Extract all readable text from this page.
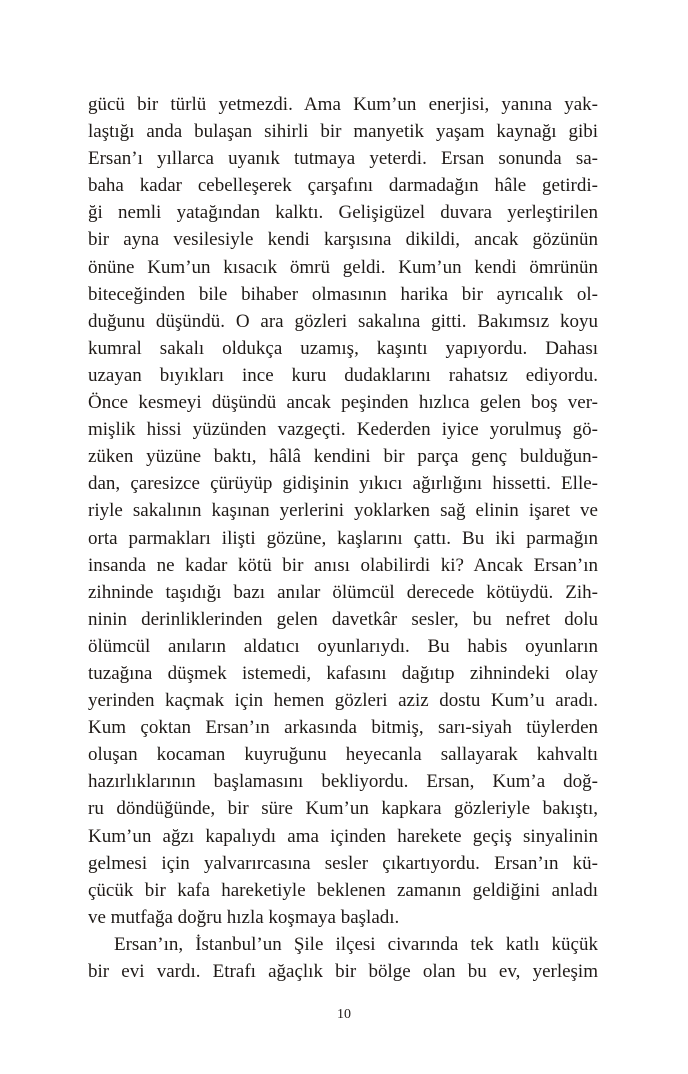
gücü bir türlü yetmezdi. Ama Kum’un enerjisi, yanına yak-
laştığı anda bulaşan sihirli bir manyetik yaşam kaynağı gibi
Ersan’ı yıllarca uyanık tutmaya yeterdi. Ersan sonunda sa-
baha kadar cebelleşerek çarşafını darmadağın hâle getirdi-
ği nemli yatağından kalktı. Gelişigüzel duvara yerleştirilen
bir ayna vesilesiyle kendi karşısına dikildi, ancak gözünün
önüne Kum’un kısacık ömrü geldi. Kum’un kendi ömrünün
biteceğinden bile bihaber olmasının harika bir ayrıcalık ol-
duğunu düşündü. O ara gözleri sakalına gitti. Bakımsız koyu
kumral sakalı oldukça uzamış, kaşıntı yapıyordu. Dahası
uzayan bıyıkları ince kuru dudaklarını rahatsız ediyordu.
Önce kesmeyi düşündü ancak peşinden hızlıca gelen boş ver-
mişlik hissi yüzünden vazgeçti. Kederden iyice yorulmuş gö-
züken yüzüne baktı, hâlâ kendini bir parça genç bulduğun-
dan, çaresizce çürüyüp gidişinin yıkıcı ağırlığını hissetti. Elle-
riyle sakalının kaşınan yerlerini yoklarken sağ elinin işaret ve
orta parmakları ilişti gözüne, kaşlarını çattı. Bu iki parmağın
insanda ne kadar kötü bir anısı olabilirdi ki? Ancak Ersan’ın
zihninde taşıdığı bazı anılar ölümcül derecede kötüydü. Zih-
ninin derinliklerinden gelen davetkâr sesler, bu nefret dolu
ölümcül anıların aldatıcı oyunlarıydı. Bu habis oyunların
tuzağına düşmek istemedi, kafasını dağıtıp zihnindeki olay
yerinden kaçmak için hemen gözleri aziz dostu Kum’u aradı.
Kum çoktan Ersan’ın arkasında bitmiş, sarı-siyah tüylerden
oluşan kocaman kuyruğunu heyecanla sallayarak kahvaltı
hazırlıklarının başlamasını bekliyordu. Ersan, Kum’a doğ-
ru döndüğünde, bir süre Kum’un kapkara gözleriyle bakıştı,
Kum’un ağzı kapalıydı ama içinden harekete geçiş sinyalinin
gelmesi için yalvarırcasına sesler çıkartıyordu. Ersan’ın kü-
çücük bir kafa hareketiyle beklenen zamanın geldiğini anladı
ve mutfağa doğru hızla koşmaya başladı.
Ersan’ın, İstanbul’un Şile ilçesi civarında tek katlı küçük
bir evi vardı. Etrafı ağaçlık bir bölge olan bu ev, yerleşim
10
